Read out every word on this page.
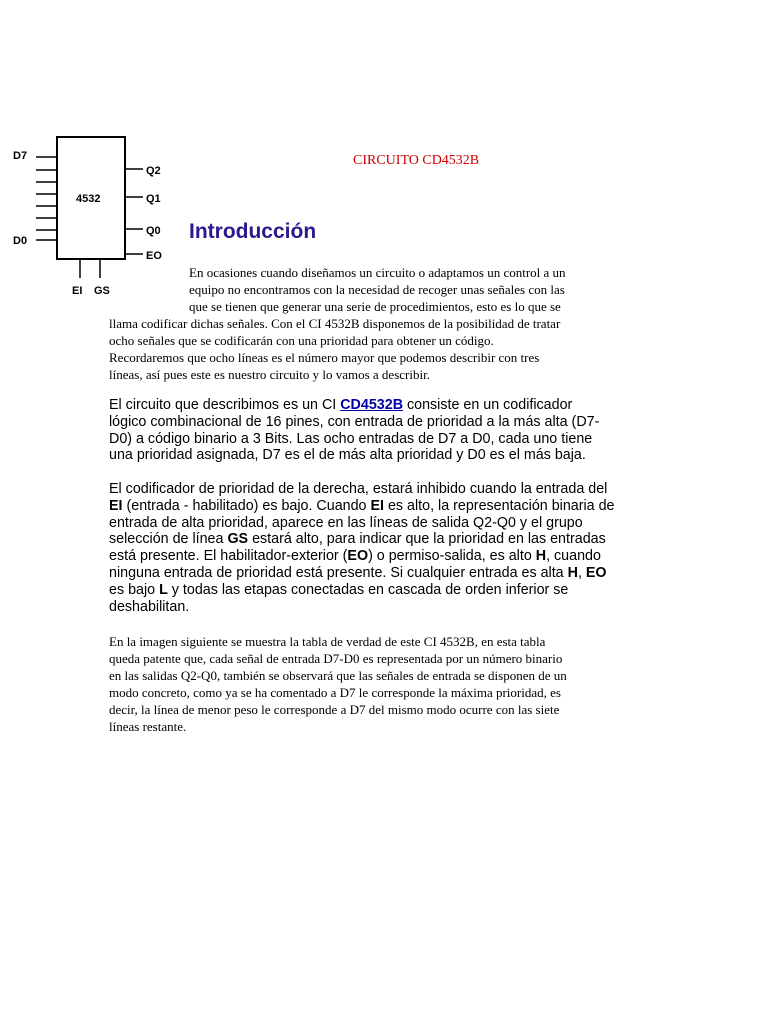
4532
D7
D0
Q2
Q1
Q0
EO
EI GS
CIRCUITO CD4532B
Introducción
En ocasiones cuando diseñamos un circuito o adaptamos un control a un
equipo no encontramos con la necesidad de recoger unas señales con las
que se tienen que generar una serie de procedimientos, esto es lo que se
llama codificar dichas señales. Con el CI 4532B disponemos de la posibilidad de tratar
ocho señales que se codificarán con una prioridad para obtener un código.
Recordaremos que ocho líneas es el número mayor que podemos describir con tres
líneas, así pues este es nuestro circuito y lo vamos a describir.
El circuito que describimos es un CI CD4532B consiste en un codificador
lógico combinacional de 16 pines, con entrada de prioridad a la más alta (D7-
D0) a código binario a 3 Bits. Las ocho entradas de D7 a D0, cada uno tiene
una prioridad asignada, D7 es el de más alta prioridad y D0 es el más baja.
El codificador de prioridad de la derecha, estará inhibido cuando la entrada del
EI (entrada - habilitado) es bajo. Cuando EI es alto, la representación binaria de
entrada de alta prioridad, aparece en las líneas de salida Q2-Q0 y el grupo
selección de línea GS estará alto, para indicar que la prioridad en las entradas
está presente. El habilitador-exterior (EO) o permiso-salida, es alto H, cuando
ninguna entrada de prioridad está presente. Si cualquier entrada es alta H, EO
es bajo L y todas las etapas conectadas en cascada de orden inferior se
deshabilitan.
En la imagen siguiente se muestra la tabla de verdad de este CI 4532B, en esta tabla
queda patente que, cada señal de entrada D7-D0 es representada por un número binario
en las salidas Q2-Q0, también se observará que las señales de entrada se disponen de un
modo concreto, como ya se ha comentado a D7 le corresponde la máxima prioridad, es
decir, la línea de menor peso le corresponde a D7 del mismo modo ocurre con las siete
líneas restante.
